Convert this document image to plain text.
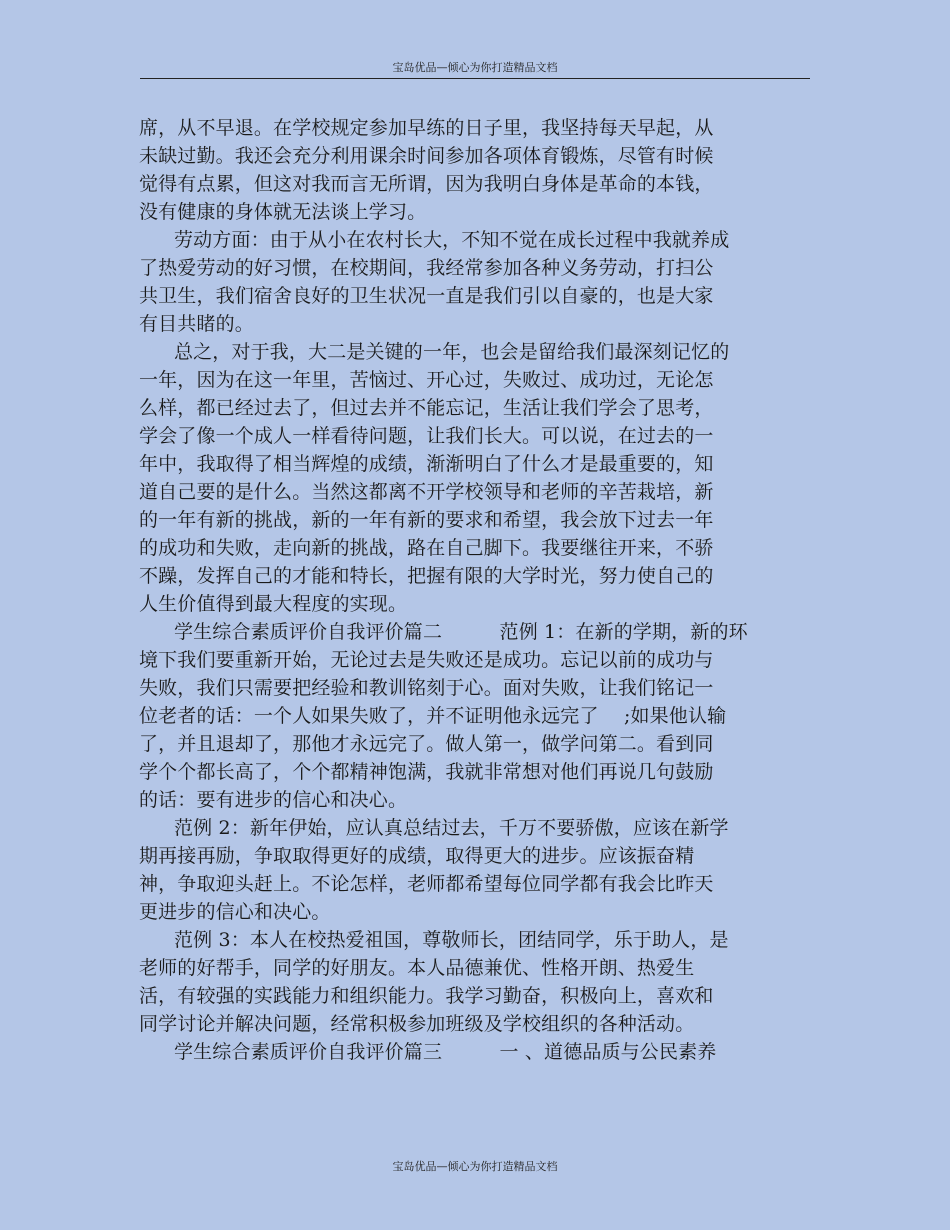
宝岛优品—倾心为你打造精品文档
席，从不早退。在学校规定参加早练的日子里，我坚持每天早起，从
未缺过勤。我还会充分利用课余时间参加各项体育锻炼，尽管有时候
觉得有点累，但这对我而言无所谓，因为我明白身体是革命的本钱，
没有健康的身体就无法谈上学习。
劳动方面：由于从小在农村长大，不知不觉在成长过程中我就养成
了热爱劳动的好习惯，在校期间，我经常参加各种义务劳动，打扫公
共卫生，我们宿舍良好的卫生状况一直是我们引以自豪的，也是大家
有目共睹的。
总之，对于我，大二是关键的一年，也会是留给我们最深刻记忆的
一年，因为在这一年里，苦恼过、开心过，失败过、成功过，无论怎
么样，都已经过去了，但过去并不能忘记，生活让我们学会了思考，
学会了像一个成人一样看待问题，让我们长大。可以说，在过去的一
年中，我取得了相当辉煌的成绩，渐渐明白了什么才是最重要的，知
道自己要的是什么。当然这都离不开学校领导和老师的辛苦栽培，新
的一年有新的挑战，新的一年有新的要求和希望，我会放下过去一年
的成功和失败，走向新的挑战，路在自己脚下。我要继往开来，不骄
不躁，发挥自己的才能和特长，把握有限的大学时光，努力使自己的
人生价值得到最大程度的实现。
学生综合素质评价自我评价篇二　　　范例 1：在新的学期，新的环
境下我们要重新开始，无论过去是失败还是成功。忘记以前的成功与
失败，我们只需要把经验和教训铭刻于心。面对失败，让我们铭记一
位老者的话：一个人如果失败了，并不证明他永远完了　 ;如果他认输
了，并且退却了，那他才永远完了。做人第一，做学问第二。看到同
学个个都长高了，个个都精神饱满，我就非常想对他们再说几句鼓励
的话：要有进步的信心和决心。
范例 2：新年伊始，应认真总结过去，千万不要骄傲，应该在新学
期再接再励，争取取得更好的成绩，取得更大的进步。应该振奋精
神，争取迎头赶上。不论怎样，老师都希望每位同学都有我会比昨天
更进步的信心和决心。
范例 3：本人在校热爱祖国，尊敬师长，团结同学，乐于助人，是
老师的好帮手，同学的好朋友。本人品德兼优、性格开朗、热爱生
活，有较强的实践能力和组织能力。我学习勤奋，积极向上，喜欢和
同学讨论并解决问题，经常积极参加班级及学校组织的各种活动。
学生综合素质评价自我评价篇三　　　一 、道德品质与公民素养
宝岛优品—倾心为你打造精品文档
